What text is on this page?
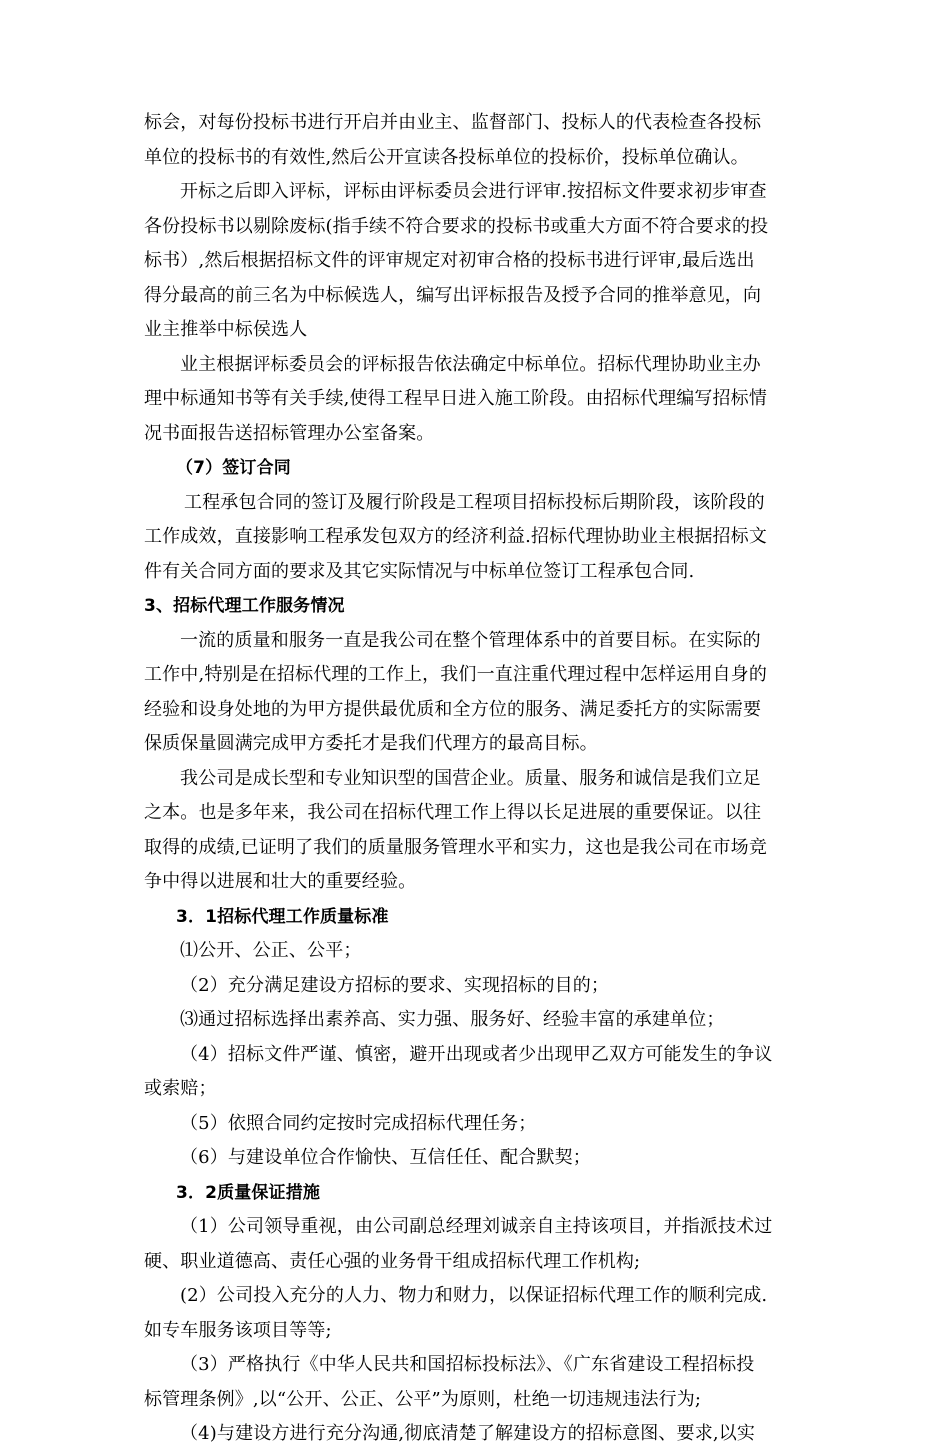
标会，对每份投标书进行开启并由业主、监督部门、投标人的代表检查各投标
单位的投标书的有效性,然后公开宣读各投标单位的投标价，投标单位确认。
开标之后即入评标，评标由评标委员会进行评审.按招标文件要求初步审查
各份投标书以剔除废标(指手续不符合要求的投标书或重大方面不符合要求的投
标书）,然后根据招标文件的评审规定对初审合格的投标书进行评审,最后选出
得分最高的前三名为中标候选人，编写出评标报告及授予合同的推举意见，向
业主推举中标侯选人
业主根据评标委员会的评标报告依法确定中标单位。招标代理协助业主办
理中标通知书等有关手续,使得工程早日进入施工阶段。由招标代理编写招标情
况书面报告送招标管理办公室备案。
（7）签订合同
工程承包合同的签订及履行阶段是工程项目招标投标后期阶段，该阶段的
工作成效，直接影响工程承发包双方的经济利益.招标代理协助业主根据招标文
件有关合同方面的要求及其它实际情况与中标单位签订工程承包合同.
3、招标代理工作服务情况
一流的质量和服务一直是我公司在整个管理体系中的首要目标。在实际的
工作中,特别是在招标代理的工作上，我们一直注重代理过程中怎样运用自身的
经验和设身处地的为甲方提供最优质和全方位的服务、满足委托方的实际需要
保质保量圆满完成甲方委托才是我们代理方的最高目标。
我公司是成长型和专业知识型的国营企业。质量、服务和诚信是我们立足
之本。也是多年来，我公司在招标代理工作上得以长足进展的重要保证。以往
取得的成绩,已证明了我们的质量服务管理水平和实力，这也是我公司在市场竞
争中得以进展和壮大的重要经验。
3．1招标代理工作质量标准
⑴公开、公正、公平；
（2）充分满足建设方招标的要求、实现招标的目的；
⑶通过招标选择出素养高、实力强、服务好、经验丰富的承建单位；
（4）招标文件严谨、慎密，避开出现或者少出现甲乙双方可能发生的争议
或索赔；
（5）依照合同约定按时完成招标代理任务；
（6）与建设单位合作愉快、互信任任、配合默契；
3．2质量保证措施
（1）公司领导重视，由公司副总经理刘诚亲自主持该项目，并指派技术过
硬、职业道德高、责任心强的业务骨干组成招标代理工作机构;
(2）公司投入充分的人力、物力和财力，以保证招标代理工作的顺利完成.
如专车服务该项目等等;
（3）严格执行《中华人民共和国招标投标法》、《广东省建设工程招标投
标管理条例》,以“公开、公正、公平”为原则，杜绝一切违规违法行为;
（4)与建设方进行充分沟通,彻底清楚了解建设方的招标意图、要求,以实
